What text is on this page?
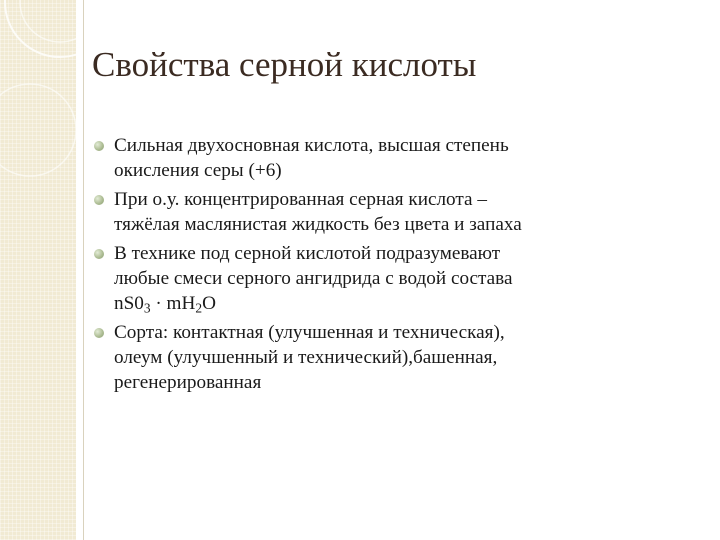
Свойства серной кислоты
Сильная двухосновная кислота, высшая степень
окисления серы (+6)
При о.у. концентрированная серная кислота –
тяжёлая маслянистая жидкость без цвета и запаха
В технике под серной кислотой подразумевают
любые смеси серного ангидрида с водой состава
$nS0_3 \cdot mH_2O$
Сорта: контактная (улучшенная и техническая),
олеум (улучшенный и технический),башенная,
регенерированная
